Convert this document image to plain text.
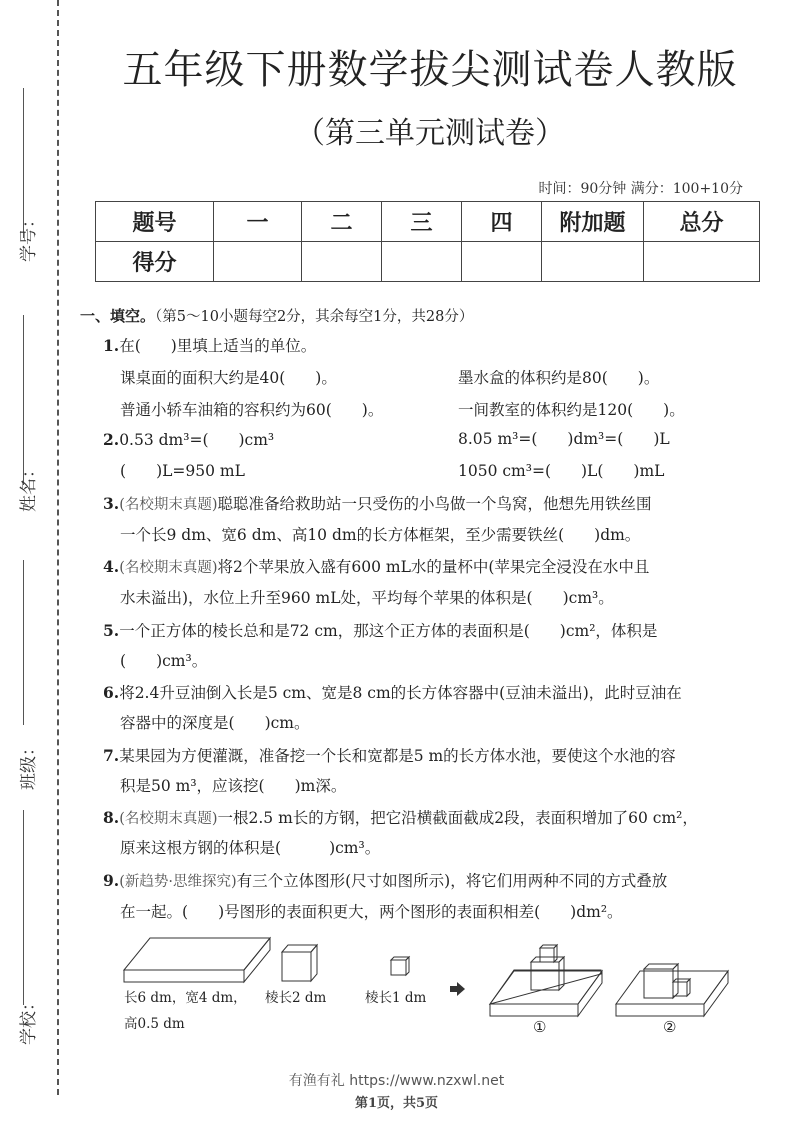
学号：
姓名：
班级：
学校：
五年级下册数学拔尖测试卷人教版
（第三单元测试卷）
时间：90分钟 满分：100+10分
题号	一	二	三	四	附加题	总分
得分						
一、填空。（第5～10小题每空2分，其余每空1分，共28分）
1.在( )里填上适当的单位。
课桌面的面积大约是40( )。	墨水盒的体积约是80( )。
普通小轿车油箱的容积约为60( )。	一间教室的体积约是120( )。
2.0.53 dm³=( )cm³	8.05 m³=( )dm³=( )L
( )L=950 mL	1050 cm³=( )L( )mL
3.(名校期末真题)聪聪准备给救助站一只受伤的小鸟做一个鸟窝，他想先用铁丝围
一个长9 dm、宽6 dm、高10 dm的长方体框架，至少需要铁丝( )dm。
4.(名校期末真题)将2个苹果放入盛有600 mL水的量杯中(苹果完全浸没在水中且
水未溢出)，水位上升至960 mL处，平均每个苹果的体积是( )cm³。
5.一个正方体的棱长总和是72 cm，那这个正方体的表面积是( )cm²，体积是
( )cm³。
6.将2.4升豆油倒入长是5 cm、宽是8 cm的长方体容器中(豆油未溢出)，此时豆油在
容器中的深度是( )cm。
7.某果园为方便灌溉，准备挖一个长和宽都是5 m的长方体水池，要使这个水池的容
积是50 m³，应该挖( )m深。
8.(名校期末真题)一根2.5 m长的方钢，把它沿横截面截成2段，表面积增加了60 cm²，
原来这根方钢的体积是(	)cm³。
9.(新趋势·思维探究)有三个立体图形(尺寸如图所示)，将它们用两种不同的方式叠放
在一起。( )号图形的表面积更大，两个图形的表面积相差( )dm²。
长6 dm，宽4 dm，
高0.5 dm
棱长2 dm	棱长1 dm
①	②
有渔有礼 https://www.nzxwl.net
第1页，共5页
